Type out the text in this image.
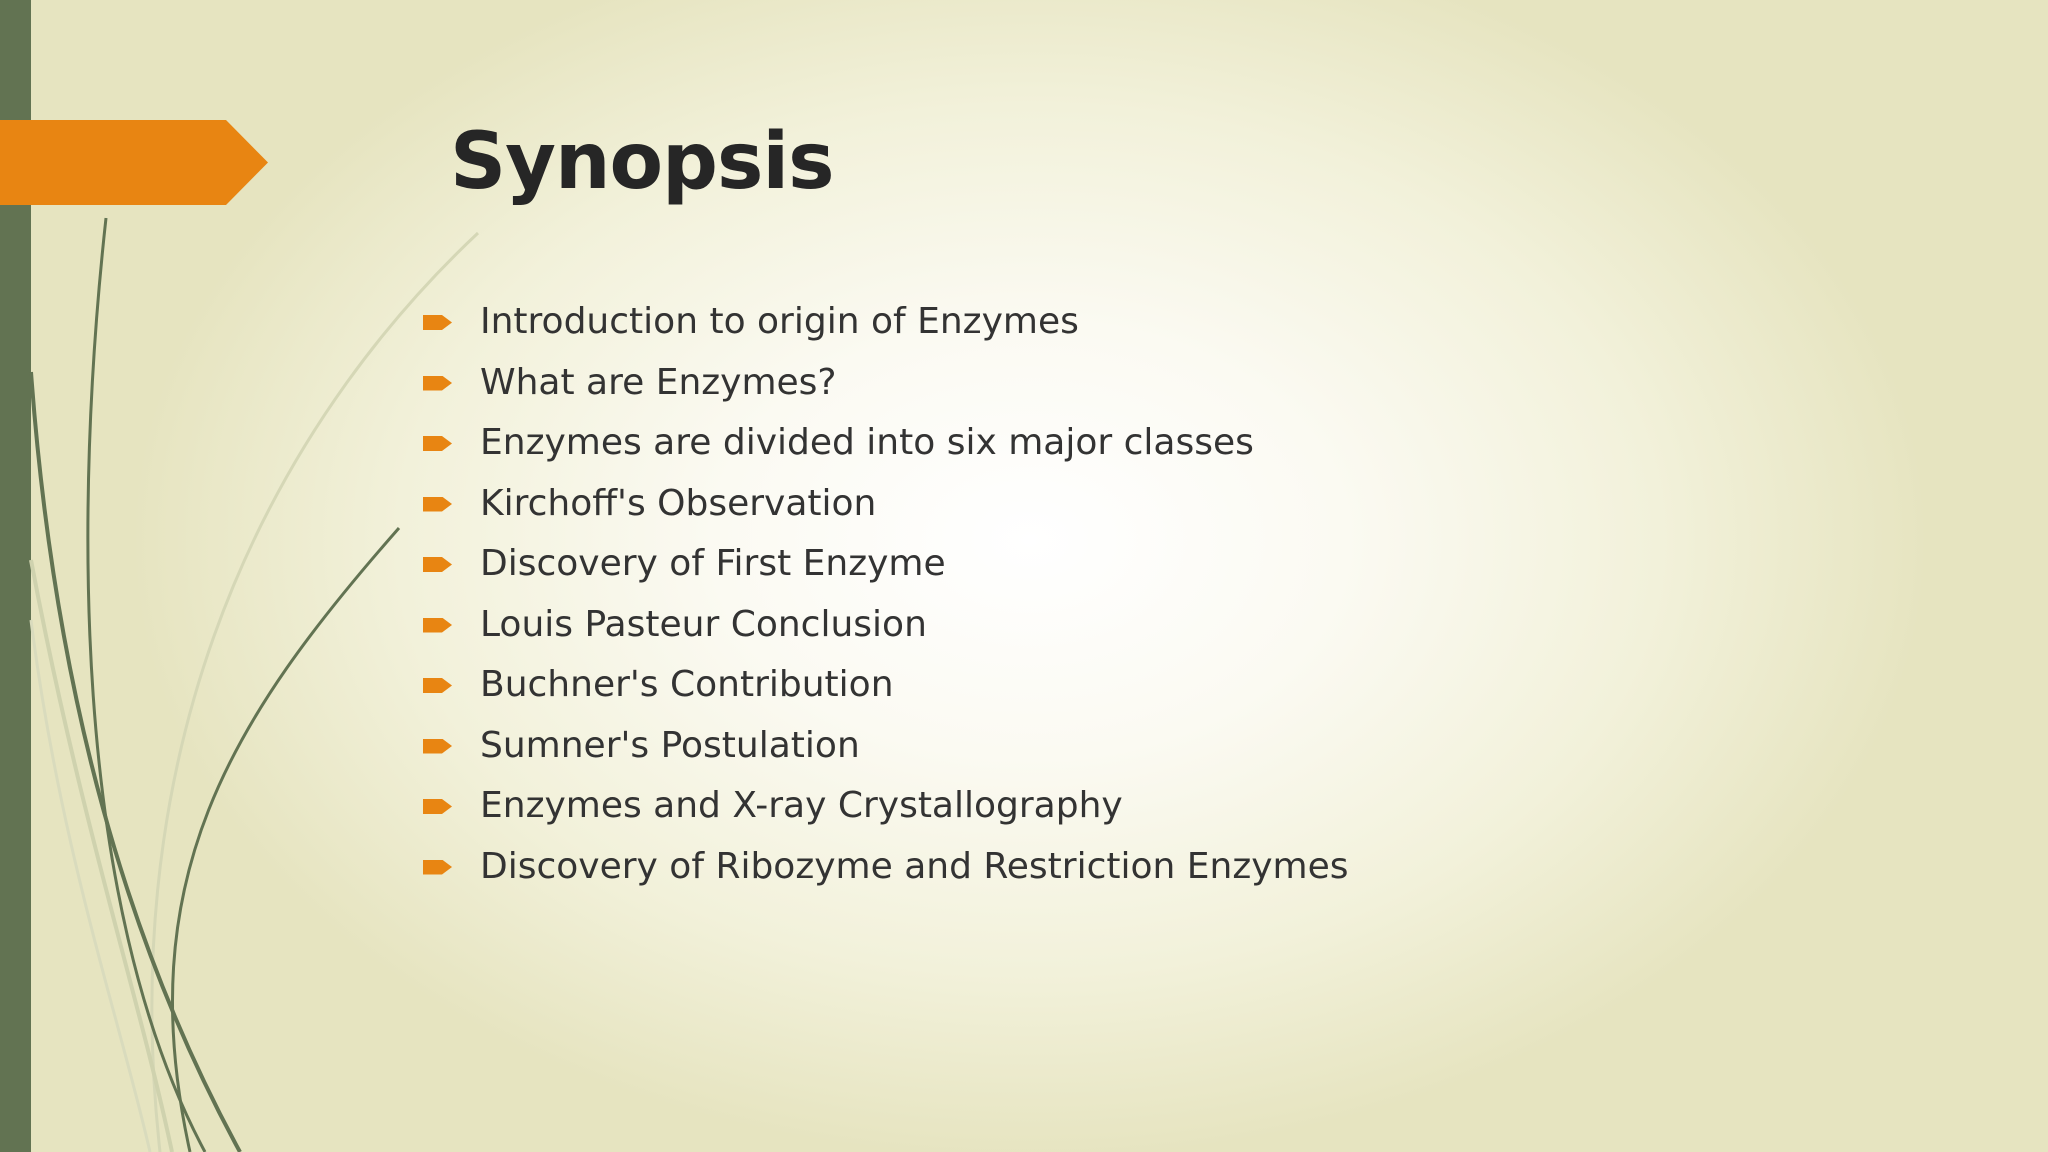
Synopsis
Introduction to origin of Enzymes
What are Enzymes?
Enzymes are divided into six major classes
Kirchoff's Observation
Discovery of First Enzyme
Louis Pasteur Conclusion
Buchner's Contribution
Sumner's Postulation
Enzymes and X-ray Crystallography
Discovery of Ribozyme and Restriction Enzymes
